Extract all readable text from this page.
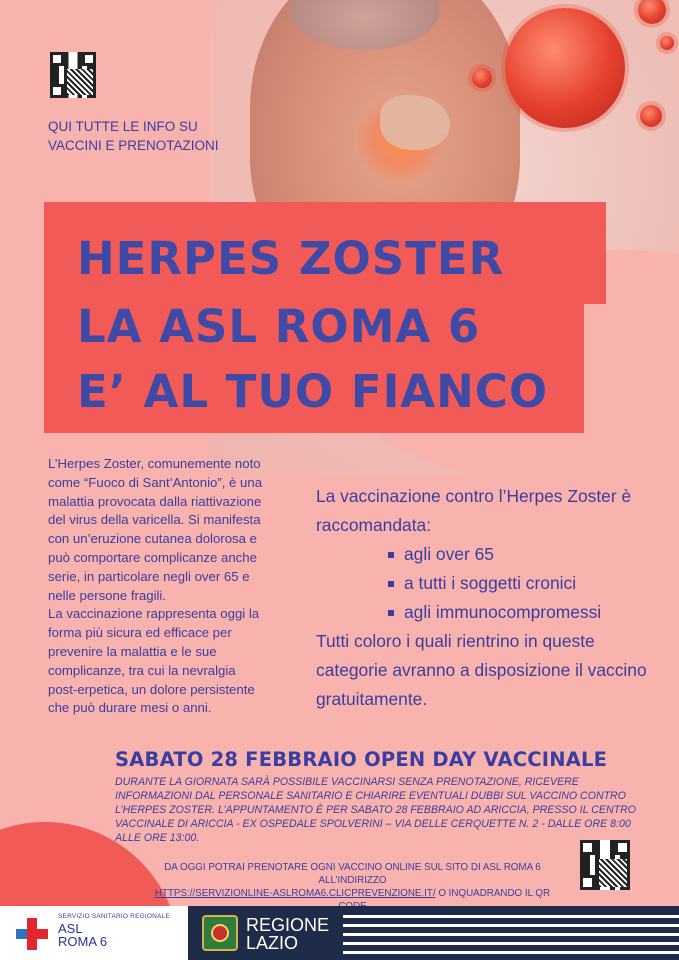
QUI TUTTE LE INFO SU VACCINI E PRENOTAZIONI
HERPES ZOSTER
LA ASL ROMA 6
E’ AL TUO FIANCO

L’Herpes Zoster, comunemente noto come “Fuoco di Sant’Antonio”, è una malattia provocata dalla riattivazione del virus della varicella. Si manifesta con un’eruzione cutanea dolorosa e può comportare complicanze anche serie, in particolare negli over 65 e nelle persone fragili.

La vaccinazione rappresenta oggi la forma più sicura ed efficace per prevenire la malattia e le sue complicanze, tra cui la nevralgia post-erpetica, un dolore persistente che può durare mesi o anni.

La vaccinazione contro l’Herpes Zoster è raccomandata:

agli over 65
a tutti i soggetti cronici
agli immunocompromessi

Tutti coloro i quali rientrino in queste categorie avranno a disposizione il vaccino gratuitamente.

SABATO 28 FEBBRAIO OPEN DAY VACCINALE
DURANTE LA GIORNATA SARÀ POSSIBILE VACCINARSI SENZA PRENOTAZIONE, RICEVERE INFORMAZIONI DAL PERSONALE SANITARIO E CHIARIRE EVENTUALI DUBBI SUL VACCINO CONTRO L’HERPES ZOSTER. L’APPUNTAMENTO È PER SABATO 28 FEBBRAIO AD ARICCIA, PRESSO IL CENTRO VACCINALE DI ARICCIA - EX OSPEDALE SPOLVERINI – VIA DELLE CERQUETTE N. 2 - DALLE ORE 8:00 ALLE ORE 13:00.
DA OGGI POTRAI PRENOTARE OGNI VACCINO ONLINE SUL SITO DI ASL ROMA 6 ALL’INDIRIZZO
HTTPS://SERVIZIONLINE-ASLROMA6.CLICPREVENZIONE.IT/ O INQUADRANDO IL QR
SERVIZIO SANITARIO REGIONALE
ASL
ROMA 6
REGIONE
LAZIO
